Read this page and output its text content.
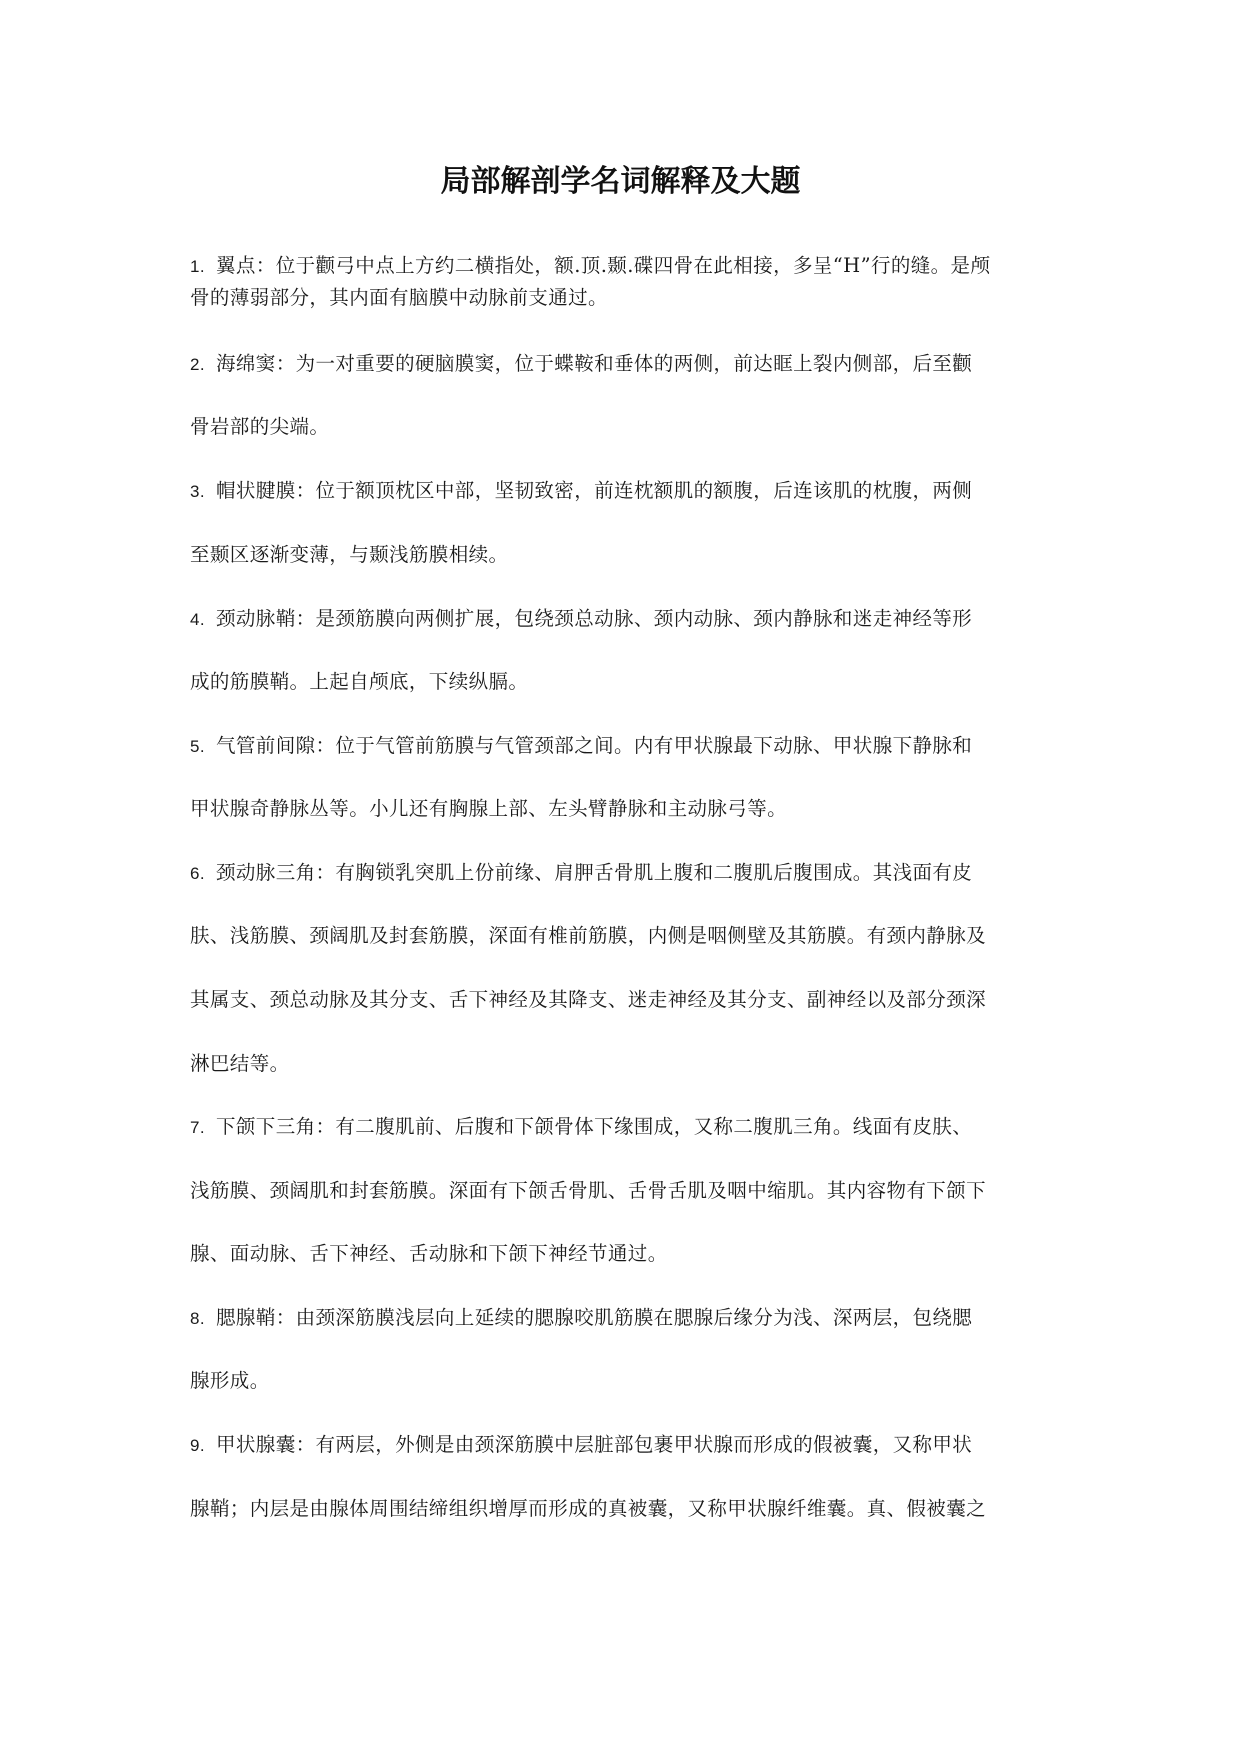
局部解剖学名词解释及大题
1. 翼点：位于颧弓中点上方约二横指处，额.顶.颞.碟四骨在此相接，多呈“H”行的缝。是颅
骨的薄弱部分，其内面有脑膜中动脉前支通过。
2. 海绵窦：为一对重要的硬脑膜窦，位于蝶鞍和垂体的两侧，前达眶上裂内侧部，后至颧
骨岩部的尖端。
3. 帽状腱膜：位于额顶枕区中部，坚韧致密，前连枕额肌的额腹，后连该肌的枕腹，两侧
至颞区逐渐变薄，与颞浅筋膜相续。
4. 颈动脉鞘：是颈筋膜向两侧扩展，包绕颈总动脉、颈内动脉、颈内静脉和迷走神经等形
成的筋膜鞘。上起自颅底，下续纵膈。
5. 气管前间隙：位于气管前筋膜与气管颈部之间。内有甲状腺最下动脉、甲状腺下静脉和
甲状腺奇静脉丛等。小儿还有胸腺上部、左头臂静脉和主动脉弓等。
6. 颈动脉三角：有胸锁乳突肌上份前缘、肩胛舌骨肌上腹和二腹肌后腹围成。其浅面有皮
肤、浅筋膜、颈阔肌及封套筋膜，深面有椎前筋膜，内侧是咽侧壁及其筋膜。有颈内静脉及
其属支、颈总动脉及其分支、舌下神经及其降支、迷走神经及其分支、副神经以及部分颈深
淋巴结等。
7. 下颌下三角：有二腹肌前、后腹和下颌骨体下缘围成，又称二腹肌三角。线面有皮肤、
浅筋膜、颈阔肌和封套筋膜。深面有下颌舌骨肌、舌骨舌肌及咽中缩肌。其内容物有下颌下
腺、面动脉、舌下神经、舌动脉和下颌下神经节通过。
8. 腮腺鞘：由颈深筋膜浅层向上延续的腮腺咬肌筋膜在腮腺后缘分为浅、深两层，包绕腮
腺形成。
9. 甲状腺囊：有两层，外侧是由颈深筋膜中层脏部包裹甲状腺而形成的假被囊，又称甲状
腺鞘；内层是由腺体周围结缔组织增厚而形成的真被囊，又称甲状腺纤维囊。真、假被囊之
